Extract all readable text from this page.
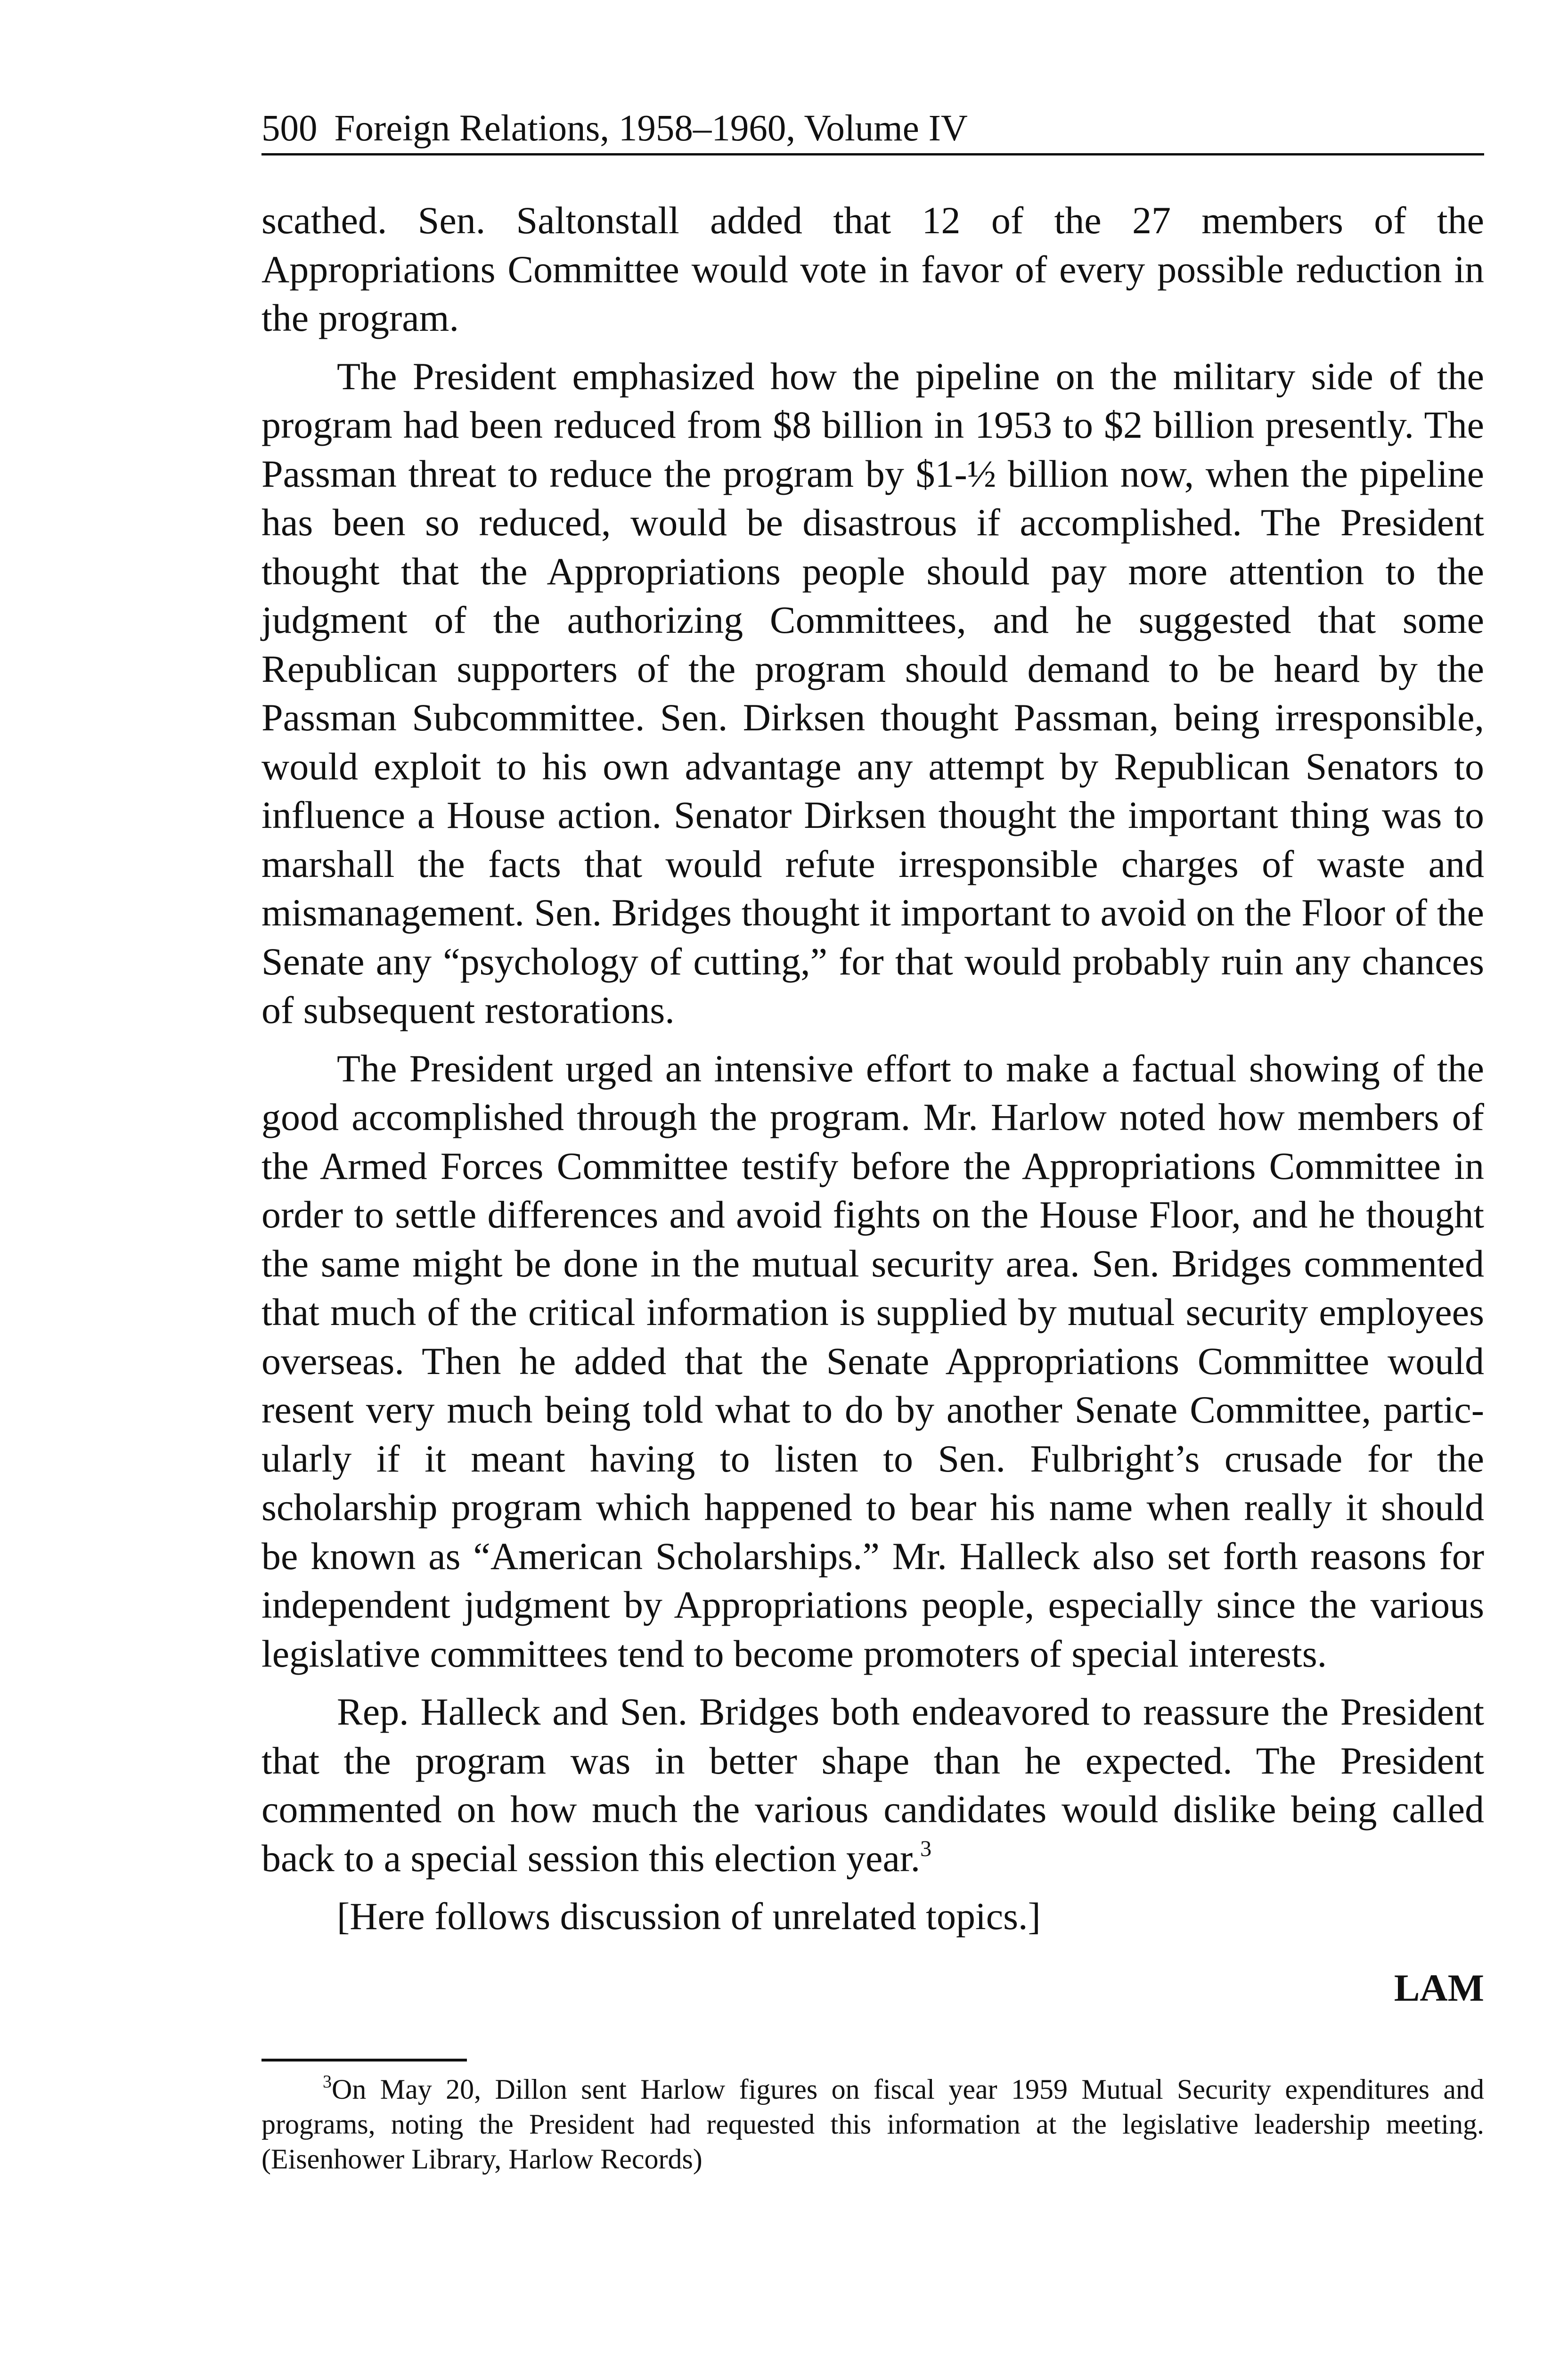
500 Foreign Relations, 1958–1960, Volume IV

scathed. Sen. Saltonstall added that 12 of the 27 members of the Appropriations Committee would vote in favor of every possible reduction in the program.

The President emphasized how the pipeline on the military side of the program had been reduced from $8 billion in 1953 to $2 billion presently. The Passman threat to reduce the program by $1-½ billion now, when the pipeline has been so reduced, would be disastrous if accomplished. The President thought that the Appropriations people should pay more attention to the judgment of the authorizing Committees, and he suggested that some Republican supporters of the program should demand to be heard by the Passman Subcommittee. Sen. Dirksen thought Passman, being irresponsible, would exploit to his own advantage any attempt by Republican Senators to influence a House action. Senator Dirksen thought the important thing was to marshall the facts that would refute irresponsible charges of waste and mismanagement. Sen. Bridges thought it important to avoid on the Floor of the Senate any “psychology of cutting,” for that would probably ruin any chances of subsequent restorations.

The President urged an intensive effort to make a factual showing of the good accomplished through the program. Mr. Harlow noted how members of the Armed Forces Committee testify before the Appropriations Committee in order to settle differences and avoid fights on the House Floor, and he thought the same might be done in the mutual security area. Sen. Bridges commented that much of the critical information is supplied by mutual security employees overseas. Then he added that the Senate Appropriations Committee would resent very much being told what to do by another Senate Committee, particularly if it meant having to listen to Sen. Fulbright’s crusade for the scholarship program which happened to bear his name when really it should be known as “American Scholarships.” Mr. Halleck also set forth reasons for independent judgment by Appropriations people, especially since the various legislative committees tend to become promoters of special interests.

Rep. Halleck and Sen. Bridges both endeavored to reassure the President that the program was in better shape than he expected. The President commented on how much the various candidates would dislike being called back to a special session this election year.$^3$

[Here follows discussion of unrelated topics.]

LAM
$^3$On May 20, Dillon sent Harlow figures on fiscal year 1959 Mutual Security expenditures and programs, noting the President had requested this information at the legislative leadership meeting. (Eisenhower Library, Harlow Records)
